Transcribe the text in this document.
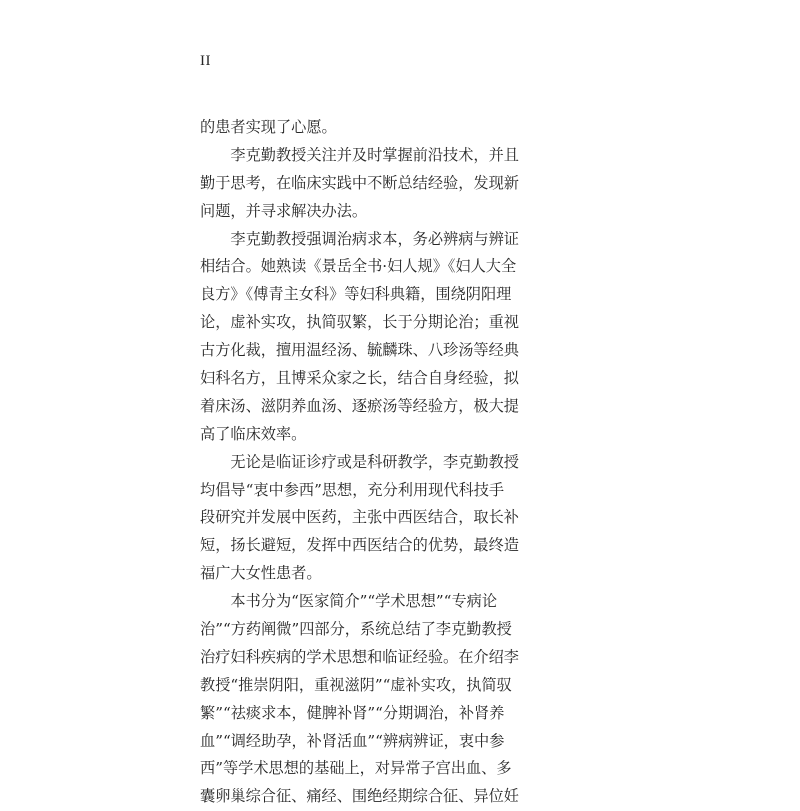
II
的患者实现了心愿。
　　李克勤教授关注并及时掌握前沿技术，并且
勤于思考，在临床实践中不断总结经验，发现新
问题，并寻求解决办法。
　　李克勤教授强调治病求本，务必辨病与辨证
相结合。她熟读《景岳全书·妇人规》《妇人大全
良方》《傅青主女科》等妇科典籍，围绕阴阳理
论，虚补实攻，执简驭繁，长于分期论治；重视
古方化裁，擅用温经汤、毓麟珠、八珍汤等经典
妇科名方，且博采众家之长，结合自身经验，拟
着床汤、滋阴养血汤、逐瘀汤等经验方，极大提
高了临床效率。
　　无论是临证诊疗或是科研教学，李克勤教授
均倡导“衷中参西”思想，充分利用现代科技手
段研究并发展中医药，主张中西医结合，取长补
短，扬长避短，发挥中西医结合的优势，最终造
福广大女性患者。
　　本书分为“医家简介”“学术思想”“专病论
治”“方药阐微”四部分，系统总结了李克勤教授
治疗妇科疾病的学术思想和临证经验。在介绍李
教授“推崇阴阳，重视滋阴”“虚补实攻，执简驭
繁”“祛痰求本，健脾补肾”“分期调治，补肾养
血”“调经助孕，补肾活血”“辨病辨证，衷中参
西”等学术思想的基础上，对异常子宫出血、多
囊卵巢综合征、痛经、围绝经期综合征、异位妊
